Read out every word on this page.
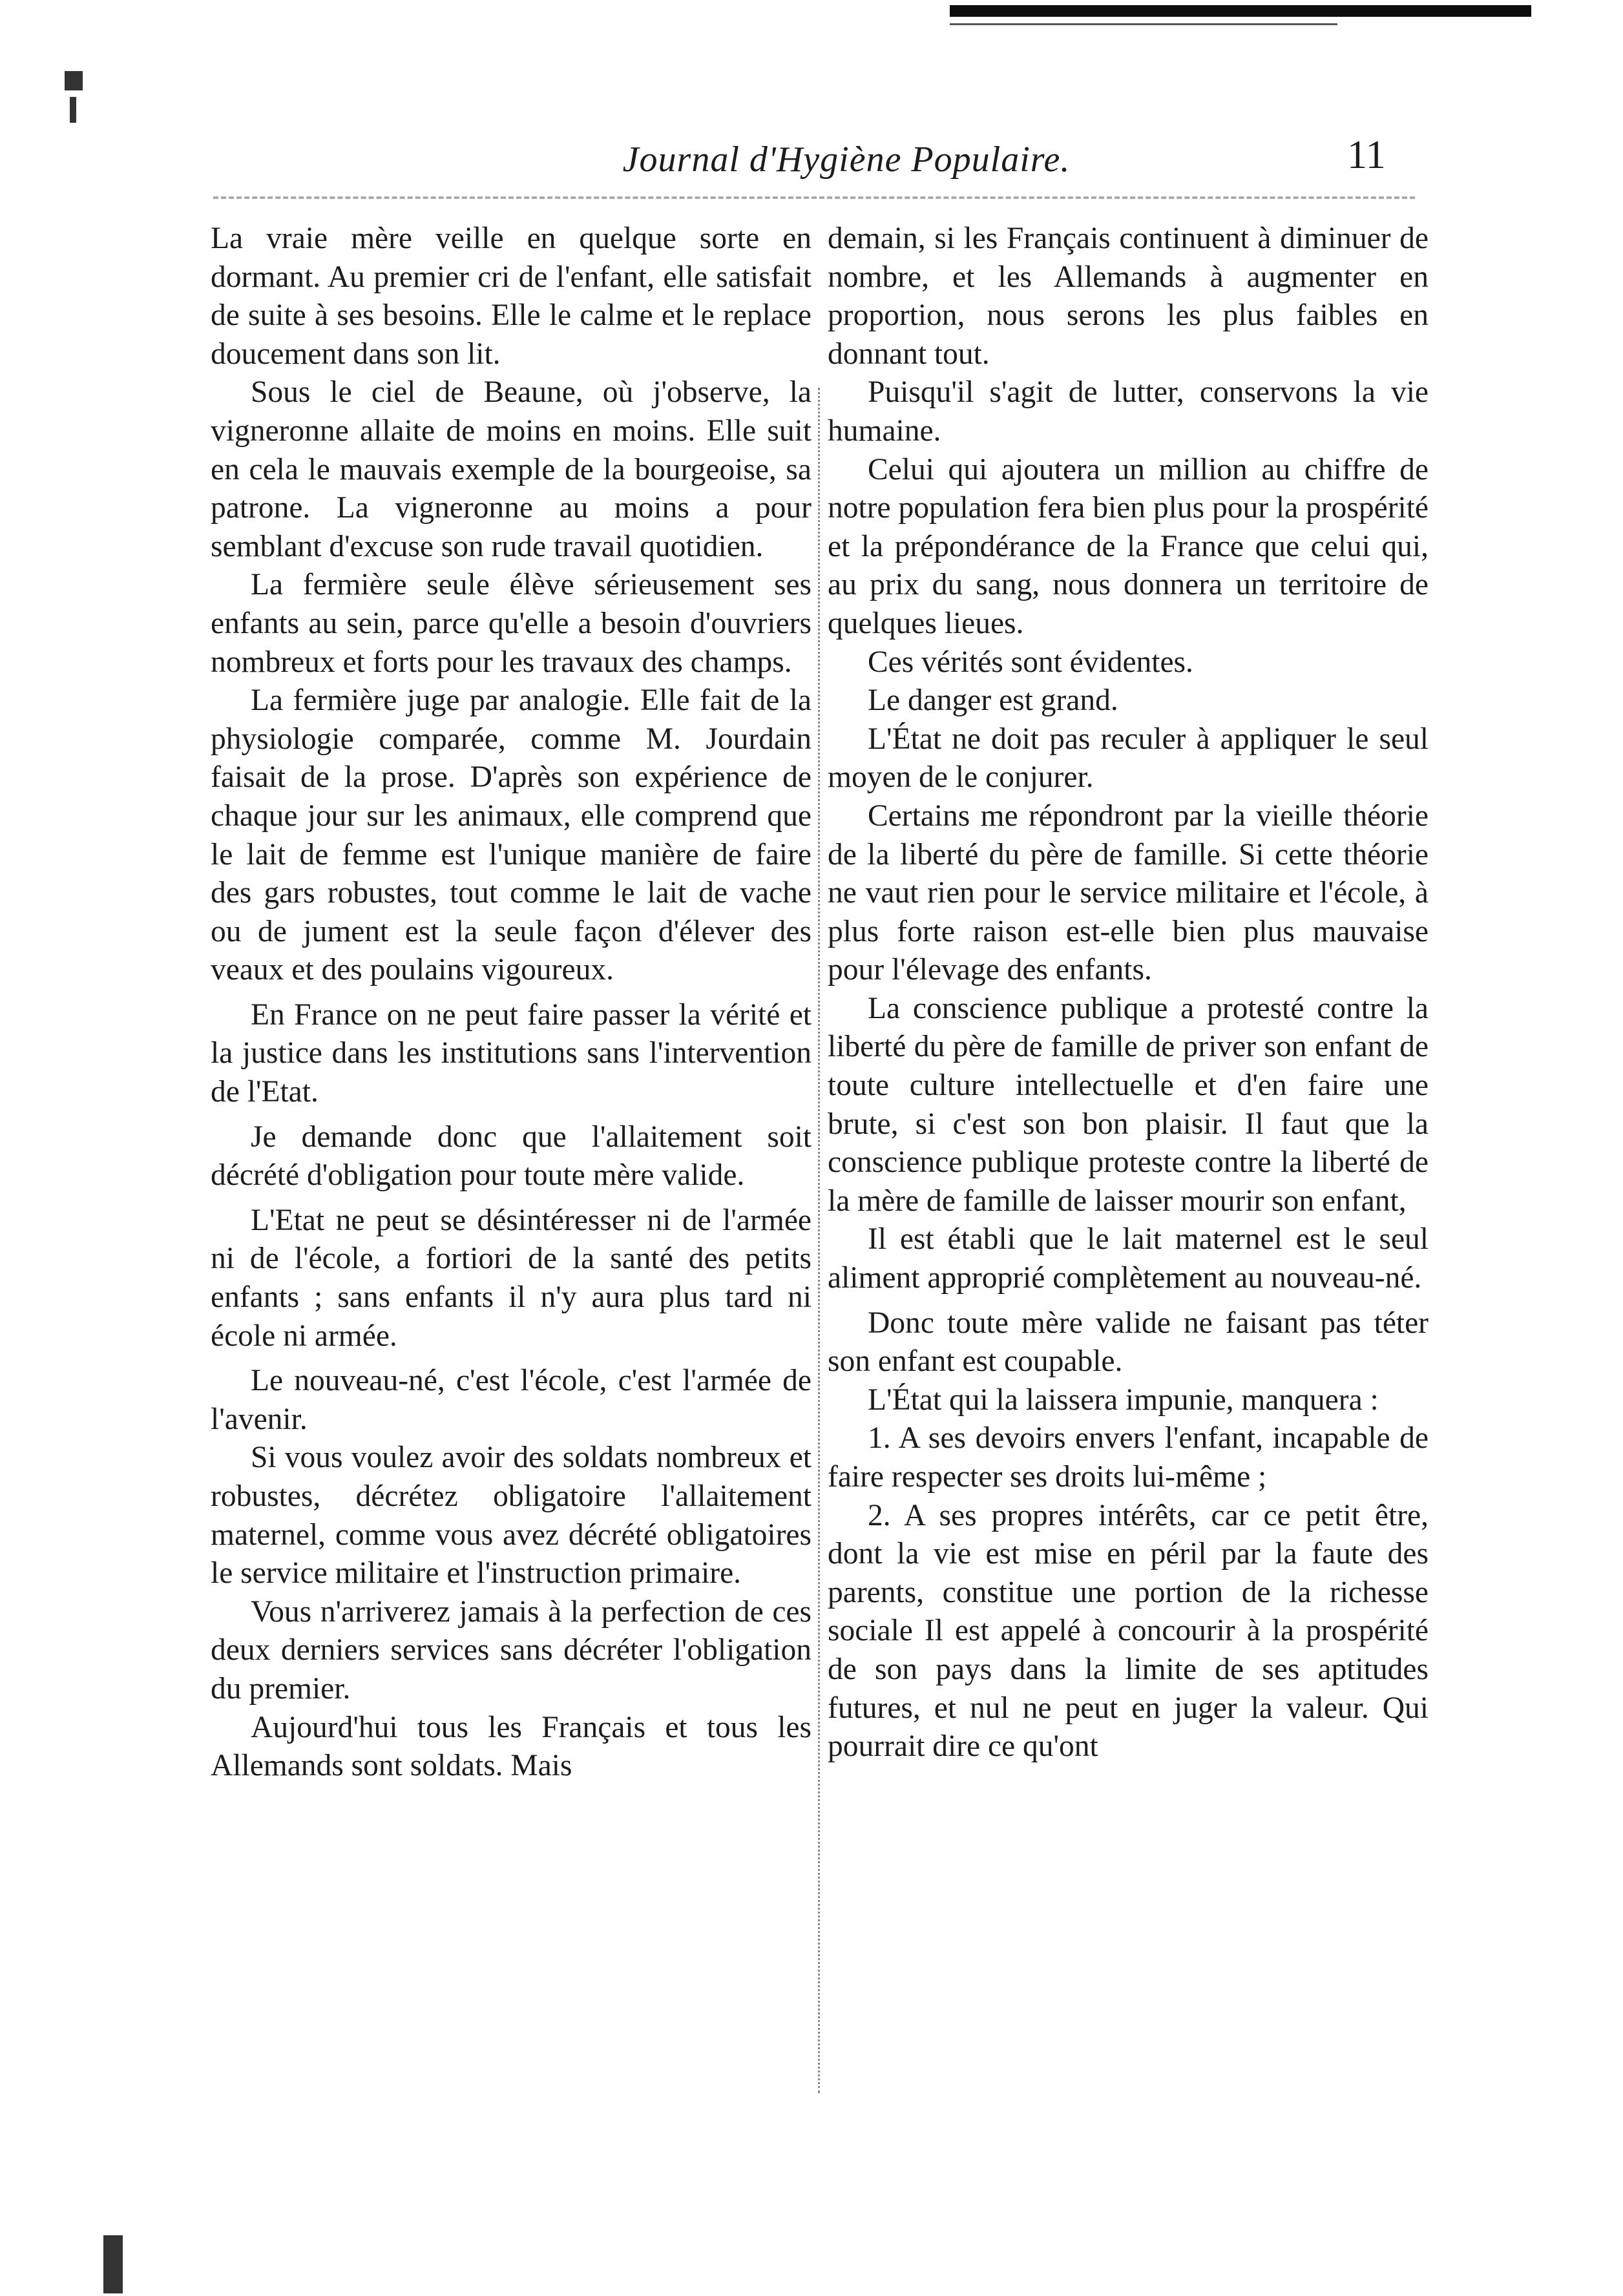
Journal d'Hygiène Populaire.	11

La vraie mère veille en quelque sorte en dormant. Au premier cri de l'enfant, elle satisfait de suite à ses besoins. Elle le calme et le replace doucement dans son lit.

Sous le ciel de Beaune, où j'observe, la vigneronne allaite de moins en moins. Elle suit en cela le mauvais exemple de la bourgeoise, sa patrone. La vigneronne au moins a pour semblant d'excuse son rude travail quotidien.

La fermière seule élève sérieusement ses enfants au sein, parce qu'elle a besoin d'ouvriers nombreux et forts pour les travaux des champs.

La fermière juge par analogie. Elle fait de la physiologie comparée, comme M. Jourdain faisait de la prose. D'après son expérience de chaque jour sur les animaux, elle comprend que le lait de femme est l'unique manière de faire des gars robustes, tout comme le lait de vache ou de jument est la seule façon d'élever des veaux et des poulains vigoureux.

En France on ne peut faire passer la vérité et la justice dans les institutions sans l'intervention de l'Etat.

Je demande donc que l'allaitement soit décrété d'obligation pour toute mère valide.

L'Etat ne peut se désintéresser ni de l'armée ni de l'école, a fortiori de la santé des petits enfants ; sans enfants il n'y aura plus tard ni école ni armée.

Le nouveau-né, c'est l'école, c'est l'armée de l'avenir.

Si vous voulez avoir des soldats nombreux et robustes, décrétez obligatoire l'allaitement maternel, comme vous avez décrété obligatoires le service militaire et l'instruction primaire.

Vous n'arriverez jamais à la perfection de ces deux derniers services sans décréter l'obligation du premier.

Aujourd'hui tous les Français et tous les Allemands sont soldats. Mais

demain, si les Français continuent à diminuer de nombre, et les Allemands à augmenter en proportion, nous serons les plus faibles en donnant tout.

Puisqu'il s'agit de lutter, conservons la vie humaine.

Celui qui ajoutera un million au chiffre de notre population fera bien plus pour la prospérité et la prépondérance de la France que celui qui, au prix du sang, nous donnera un territoire de quelques lieues.

Ces vérités sont évidentes.

Le danger est grand.

L'État ne doit pas reculer à appliquer le seul moyen de le conjurer.

Certains me répondront par la vieille théorie de la liberté du père de famille. Si cette théorie ne vaut rien pour le service militaire et l'école, à plus forte raison est-elle bien plus mauvaise pour l'élevage des enfants.

La conscience publique a protesté contre la liberté du père de famille de priver son enfant de toute culture intellectuelle et d'en faire une brute, si c'est son bon plaisir. Il faut que la conscience publique proteste contre la liberté de la mère de famille de laisser mourir son enfant,

Il est établi que le lait maternel est le seul aliment approprié complètement au nouveau-né.

Donc toute mère valide ne faisant pas téter son enfant est coupable.

L'État qui la laissera impunie, manquera :

1. A ses devoirs envers l'enfant, incapable de faire respecter ses droits lui-même ;

2. A ses propres intérêts, car ce petit être, dont la vie est mise en péril par la faute des parents, constitue une portion de la richesse sociale Il est appelé à concourir à la prospérité de son pays dans la limite de ses aptitudes futures, et nul ne peut en juger la valeur. Qui pourrait dire ce qu'ont
